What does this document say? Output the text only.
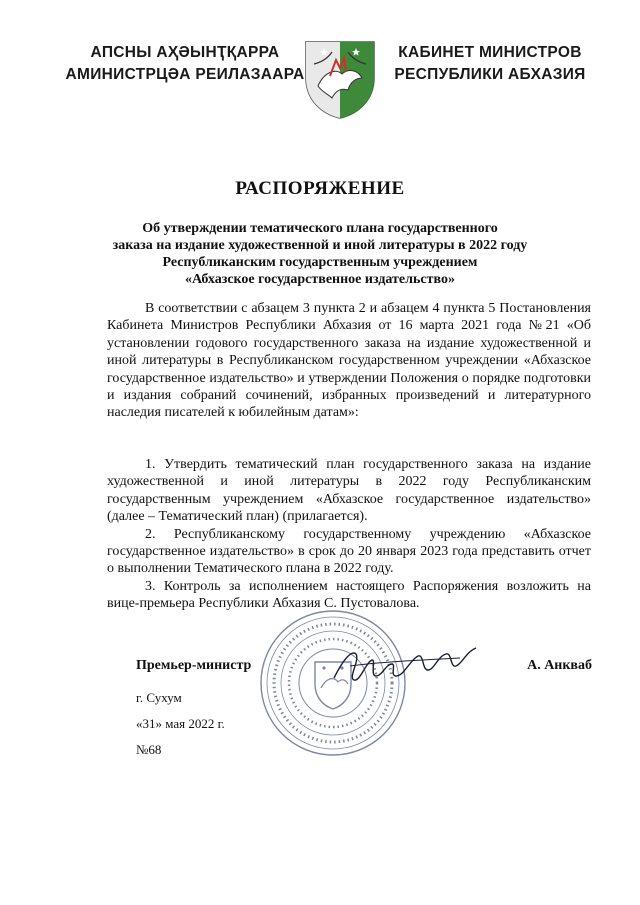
АПСНЫ АҲӘЫНҬҚАРРА
АМИНИСТРЦӘА РЕИЛАЗААРА
КАБИНЕТ МИНИСТРОВ
РЕСПУБЛИКИ АБХАЗИЯ
РАСПОРЯЖЕНИЕ
Об утверждении тематического плана государственного
заказа на издание художественной и иной литературы в 2022 году
Республиканским государственным учреждением
«Абхазское государственное издательство»

В соответствии с абзацем 3 пункта 2 и абзацем 4 пункта 5 Постановления Кабинета Министров Республики Абхазия от 16 марта 2021 года №21 «Об установлении годового государственного заказа на издание художественной и иной литературы в Республиканском государственном учреждении «Абхазское государственное издательство» и утверждении Положения о порядке подготовки и издания собраний сочинений, избранных произведений и литературного наследия писателей к юбилейным датам»:

1. Утвердить тематический план государственного заказа на издание художественной и иной литературы в 2022 году Республиканским государственным учреждением «Абхазское государственное издательство» (далее – Тематический план) (прилагается).

2. Республиканскому государственному учреждению «Абхазское государственное издательство» в срок до 20 января 2023 года представить отчет о выполнении Тематического плана в 2022 году.

3. Контроль за исполнением настоящего Распоряжения возложить на вице-премьера Республики Абхазия С. Пустовалова.

Премьер-министр	А. Анкваб
г. Сухум
«31» мая 2022 г.
№68
